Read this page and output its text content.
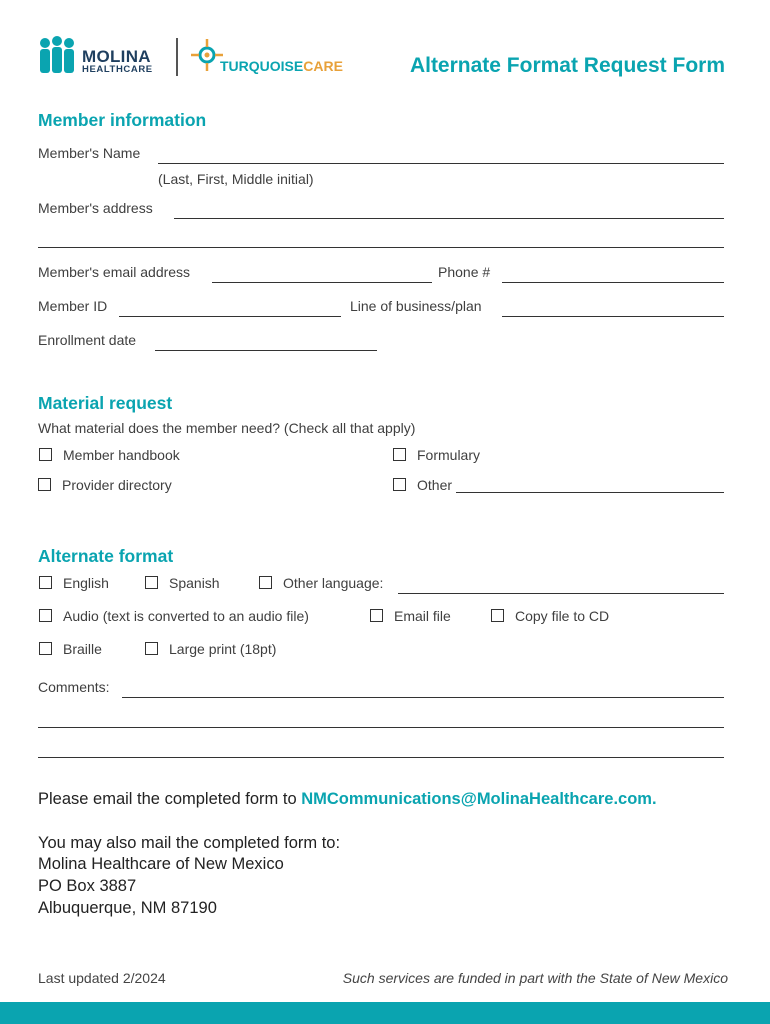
MOLINA
HEALTHCARE	TURQUOISECARE	Alternate Format Request Form
Member information
Member's Name
(Last, First, Middle initial)
Member's address
Member's email address	Phone #
Member ID	Line of business/plan
Enrollment date
Material request
What material does the member need? (Check all that apply)
Member handbook	Formulary
Provider directory	Other
Alternate format
English	Spanish	Other language:
Audio (text is converted to an audio file)	Email file	Copy file to CD
Braille	Large print (18pt)
Comments:
Please email the completed form to NMCommunications@MolinaHealthcare.com.
You may also mail the completed form to:
Molina Healthcare of New Mexico
PO Box 3887
Albuquerque, NM 87190
Last updated 2/2024	Such services are funded in part with the State of New Mexico
